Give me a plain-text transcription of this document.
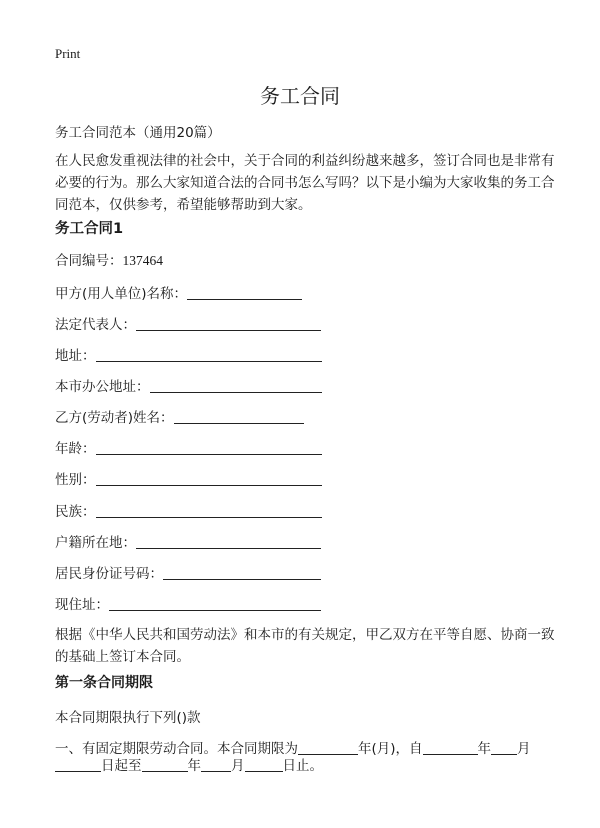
Print
务工合同
务工合同范本（通用20篇）
在人民愈发重视法律的社会中，关于合同的利益纠纷越来越多，签订合同也是非常有必要的行为。那么大家知道合法的合同书怎么写吗？以下是小编为大家收集的务工合同范本，仅供参考，希望能够帮助到大家。
务工合同1
合同编号：137464
甲方(用人单位)名称：
法定代表人：
地址：
本市办公地址：
乙方(劳动者)姓名：
年龄：
性别：
民族：
户籍所在地：
居民身份证号码：
现住址：
根据《中华人民共和国劳动法》和本市的有关规定，甲乙双方在平等自愿、协商一致的基础上签订本合同。
第一条合同期限
本合同期限执行下列()款
一、有固定期限劳动合同。本合同期限为	年(月)，自	年 月
日起至	年 月	日止。
